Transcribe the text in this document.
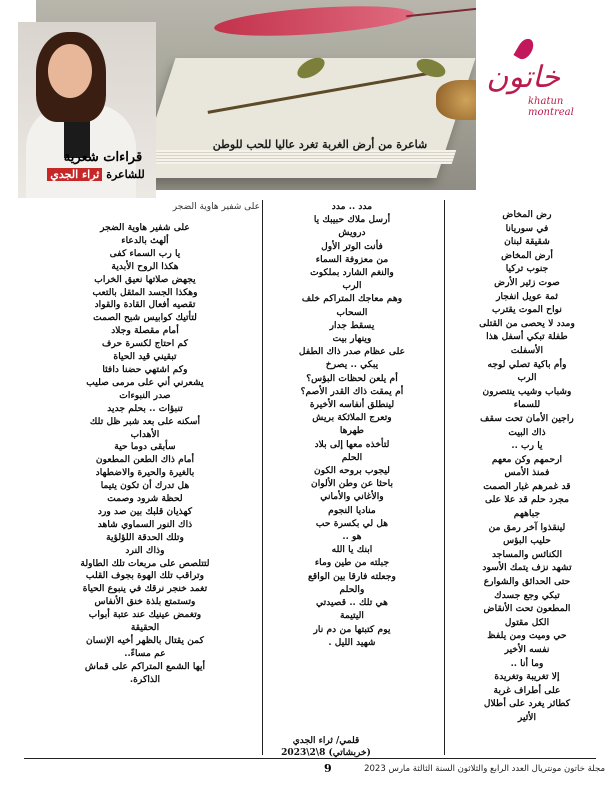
شاعرة من أرض الغربة تغرد عاليا للحب للوطن
قراءات شعرية
للشاعرة ثراء الجدي
خاتون
khatun montreal
على شفير هاوية الضجر

رض المخاض

في سوريانا

شقيقة لبنان

أرض المخاض

جنوب تركيا

صوت زئير الأرض

ثمة عويل انفجار

نواح الموت يقترب

ومدد لا يحصى من القتلى

طفلة تبكي أسفل هذا

الأسفلت

وأم باكية تصلي لوجه

الرب

وشباب وشيب ينتصرون

للسماء

راجين الأمان تحت سقف

ذاك البيت

يا رب ..

ارحمهم وكن معهم

فمنذ الأمس

قد غمرهم غبار الصمت

مجرد حلم قد علا على

جباههم

لينقذوا آخر رمق من

حليب البؤس

الكنائس والمساجد

تشهد نزف يتمك الأسود

حتى الحدائق والشوارع

تبكي وجع جسدك

المطعون تحت الأنقاض

الكل مقتول

حي وميت ومن يلفظ

نفسه الأخير

وما أنا ..

إلا تغريبة وتغريدة

على أطراف غربة

كطائر يغرد على أطلال

الأثير

مدد .. مدد

أرسل ملاك حبيبك يا

درويش

فأنت الوتر الأول

من معزوفة السماء

والنغم الشارد بملكوت

الرب

وهم معاجك المتراكم خلف

السحاب

يسقط جدار

وينهار بيت

على عظام صدر ذاك الطفل

يبكي .. يصرخ

أم يلعن لحظات البؤس؟

أم يمقت ذاك القدر الأصم؟

لينطلق أنفاسه الأخيرة

وتعرج الملائكة بريش

طهرها

لتأخذه معها إلى بلاد

الحلم

ليجوب بروحه الكون

باحثا عن وطن الألوان

والأغاني والأماني

مناديا النجوم

هل لي بكسرة حب

هو ..

ابنك يا الله

جبلته من طين وماء

وجعلته فارقا بين الواقع

والحلم

هي تلك .. قصيدتي

اليتيمة

يوم كتبتها من دم نار

شهيد الليل .

على شفير هاوية الضجر

ألهث بالدعاء

يا رب السماء كفى

هكذا الروح الأبدية

يجهض صلاتها نعيق الخراب

وهكذا الجسد المثقل بالتعب

تقصيه أفعال القادة والقواد

لتأتيك كوابيس شبح الصمت

أمام مقصلة وجلاد

كم احتاج لكسرة حرف

تبقيني قيد الحياة

وكم اشتهي حضنا دافئا

يشعرني أني على مرمى صليب

صدر النبوءات

تنبؤات .. بحلم جديد

أسكنه على بعد شبر ظل تلك

الأهداب

سأبقى دوما حية

أمام ذاك الطعن المطعون

بالغيرة والحيرة والاضطهاد

هل تدرك أن تكون يتيما

لحظة شرود وصمت

كهذيان قلبك بين صد ورد

ذاك النور السماوي شاهد

وتلك الحدقة اللؤلؤية

وذاك النرد

لتتلصص على مربعات تلك الطاولة

وتراقب تلك الهوة بجوف القلب

تغمد خنجر نرقك في ينبوع الحياة

وتستمتع بلذة خنق الأنفاس

وتغمض عينيك عند عتبة أبواب

الحقيقة

كمن يقتال بالظهر أخيه الإنسان

عم مساءً..

أيها الشمع المتراكم على قماش

الذاكرة.

قلمي/ ثراء الجدي

(خربشاتي) 8\2\2023

9	مجلة خاتون مونتريال العدد الرابع والثلاثون السنة الثالثة مارس 2023
